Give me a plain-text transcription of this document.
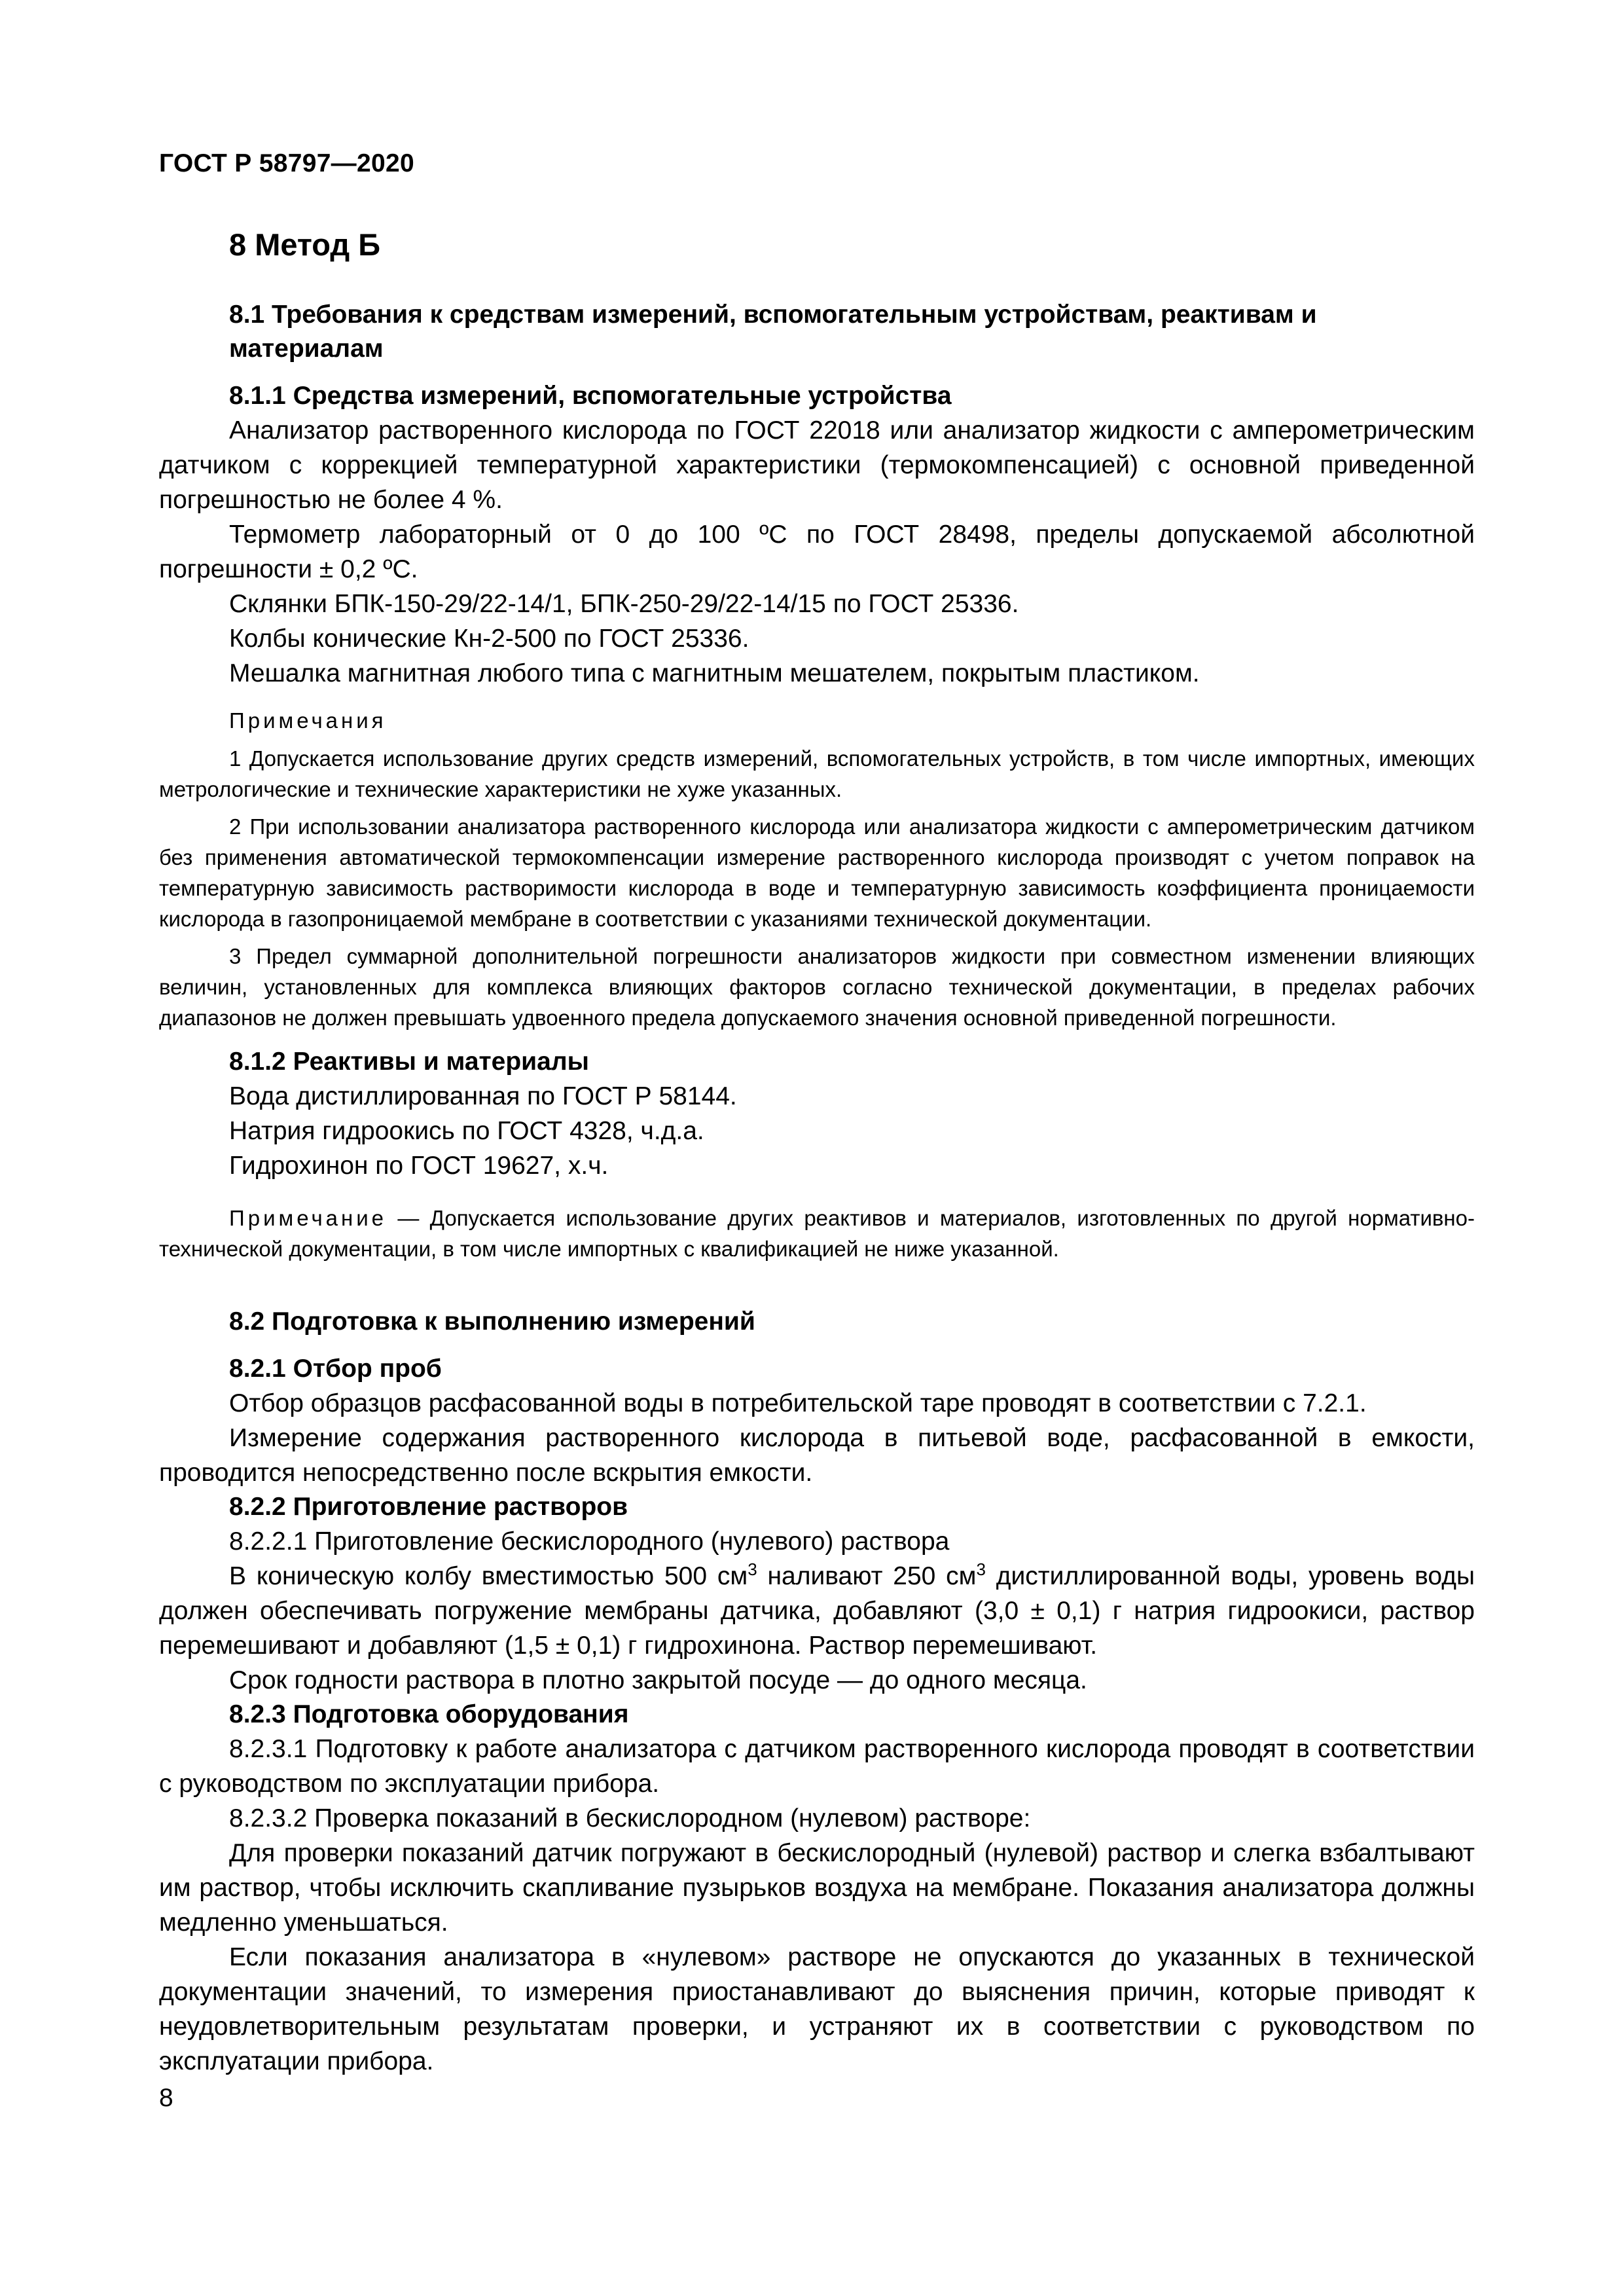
ГОСТ Р 58797—2020
8 Метод Б
8.1 Требования к средствам измерений, вспомогательным устройствам, реактивам и материалам
8.1.1 Средства измерений, вспомогательные устройства

Анализатор растворенного кислорода по ГОСТ 22018 или анализатор жидкости с амперометрическим датчиком с коррекцией температурной характеристики (термокомпенсацией) с основной приведенной погрешностью не более 4 %.

Термометр лабораторный от 0 до 100 ºС по ГОСТ 28498, пределы допускаемой абсолютной погрешности ± 0,2 ºС.

Склянки БПК-150-29/22-14/1, БПК-250-29/22-14/15 по ГОСТ 25336.

Колбы конические Кн-2-500 по ГОСТ 25336.

Мешалка магнитная любого типа с магнитным мешателем, покрытым пластиком.

Примечания

1 Допускается использование других средств измерений, вспомогательных устройств, в том числе импортных, имеющих метрологические и технические характеристики не хуже указанных.

2 При использовании анализатора растворенного кислорода или анализатора жидкости с амперометрическим датчиком без применения автоматической термокомпенсации измерение растворенного кислорода производят с учетом поправок на температурную зависимость растворимости кислорода в воде и температурную зависимость коэффициента проницаемости кислорода в газопроницаемой мембране в соответствии с указаниями технической документации.

3 Предел суммарной дополнительной погрешности анализаторов жидкости при совместном изменении влияющих величин, установленных для комплекса влияющих факторов согласно технической документации, в пределах рабочих диапазонов не должен превышать удвоенного предела допускаемого значения основной приведенной погрешности.

8.1.2 Реактивы и материалы

Вода дистиллированная по ГОСТ Р 58144.

Натрия гидроокись по ГОСТ 4328, ч.д.а.

Гидрохинон по ГОСТ 19627, х.ч.

Примечание — Допускается использование других реактивов и материалов, изготовленных по другой нормативно-технической документации, в том числе импортных с квалификацией не ниже указанной.

8.2 Подготовка к выполнению измерений
8.2.1 Отбор проб

Отбор образцов расфасованной воды в потребительской таре проводят в соответствии с 7.2.1.

Измерение содержания растворенного кислорода в питьевой воде, расфасованной в емкости, проводится непосредственно после вскрытия емкости.

8.2.2 Приготовление растворов

8.2.2.1 Приготовление бескислородного (нулевого) раствора

В коническую колбу вместимостью 500 $см^3$ наливают 250 $см^3$ дистиллированной воды, уровень воды должен обеспечивать погружение мембраны датчика, добавляют (3,0 ± 0,1) г натрия гидроокиси, раствор перемешивают и добавляют (1,5 ± 0,1) г гидрохинона. Раствор перемешивают.

Срок годности раствора в плотно закрытой посуде — до одного месяца.

8.2.3 Подготовка оборудования

8.2.3.1 Подготовку к работе анализатора с датчиком растворенного кислорода проводят в соответствии с руководством по эксплуатации прибора.

8.2.3.2 Проверка показаний в бескислородном (нулевом) растворе:

Для проверки показаний датчик погружают в бескислородный (нулевой) раствор и слегка взбалтывают им раствор, чтобы исключить скапливание пузырьков воздуха на мембране. Показания анализатора должны медленно уменьшаться.

Если показания анализатора в «нулевом» растворе не опускаются до указанных в технической документации значений, то измерения приостанавливают до выяснения причин, которые приводят к неудовлетворительным результатам проверки, и устраняют их в соответствии с руководством по эксплуатации прибора.

8
